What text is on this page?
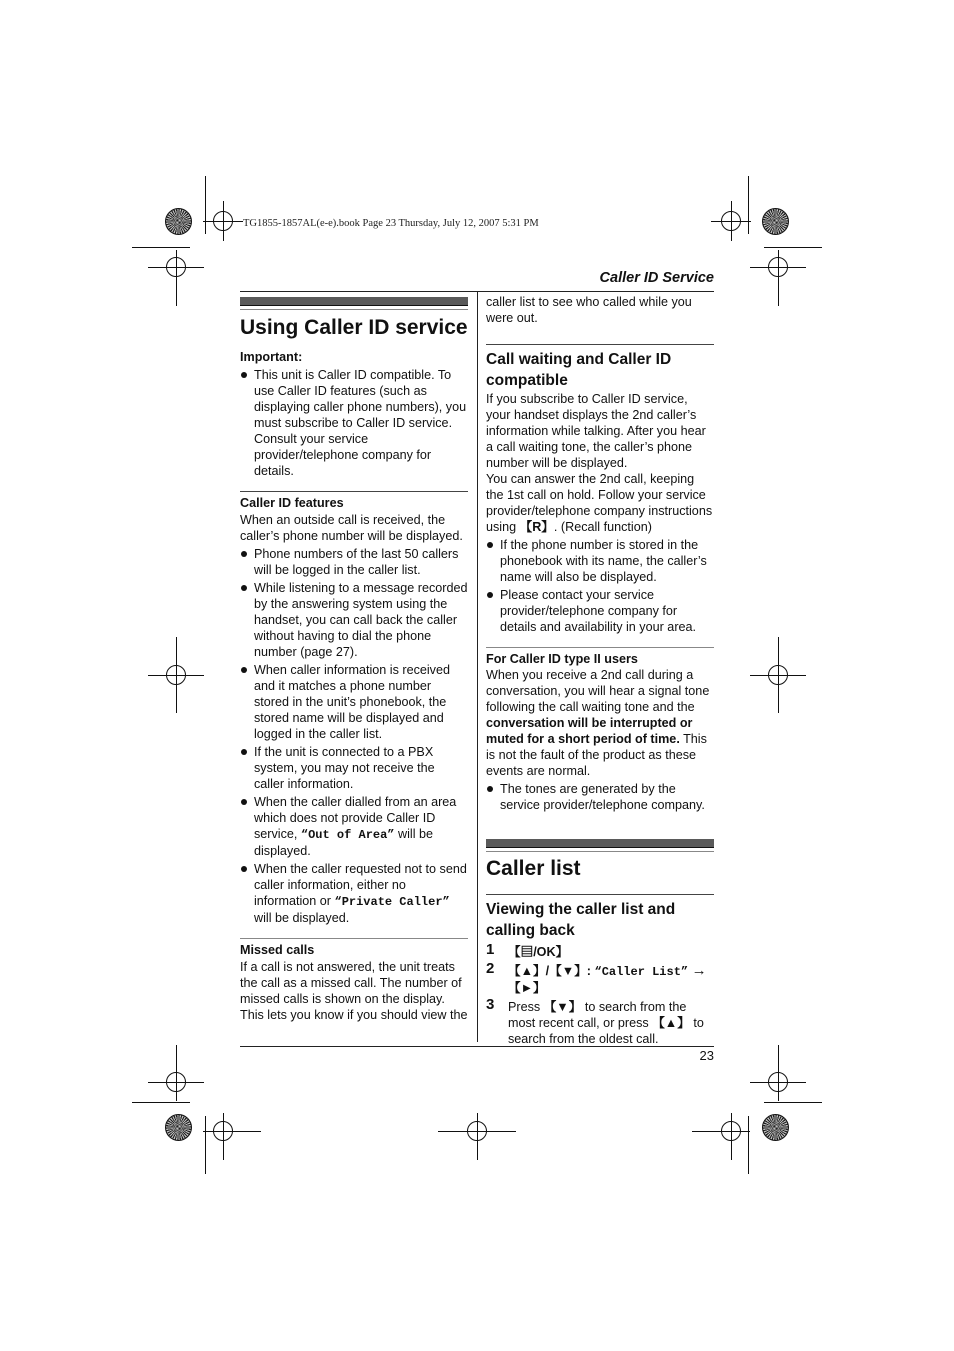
TG1855-1857AL(e-e).book Page 23 Thursday, July 12, 2007 5:31 PM
Caller ID Service

Using Caller ID service

Important:

This unit is Caller ID compatible. To use Caller ID features (such as displaying caller phone numbers), you must subscribe to Caller ID service. Consult your service provider/telephone company for details.

Caller ID features

When an outside call is received, the caller’s phone number will be displayed.

Phone numbers of the last 50 callers will be logged in the caller list.
While listening to a message recorded by the answering system using the handset, you can call back the caller without having to dial the phone number (page 27).
When caller information is received and it matches a phone number stored in the unit’s phonebook, the stored name will be displayed and logged in the caller list.
If the unit is connected to a PBX system, you may not receive the caller information.
When the caller dialled from an area which does not provide Caller ID service, “Out of Area” will be displayed.
When the caller requested not to send caller information, either no information or “Private Caller” will be displayed.

Missed calls

If a call is not answered, the unit treats the call as a missed call. The number of missed calls is shown on the display. This lets you know if you should view the

caller list to see who called while you were out.

Call waiting and Caller ID compatible

If you subscribe to Caller ID service, your handset displays the 2nd caller’s information while talking. After you hear a call waiting tone, the caller’s phone number will be displayed.

You can answer the 2nd call, keeping the 1st call on hold. Follow your service provider/telephone company instructions using 【R】. (Recall function)

If the phone number is stored in the phonebook with its name, the caller’s name will also be displayed.
Please contact your service provider/telephone company for details and availability in your area.

For Caller ID type II users

When you receive a 2nd call during a conversation, you will hear a signal tone following the call waiting tone and the conversation will be interrupted or muted for a short period of time. This is not the fault of the product as these events are normal.

The tones are generated by the service provider/telephone company.

Caller list

Viewing the caller list and calling back

1 【▤/OK】
2 【▲】/【▼】: “Caller List” → 【►】
3 Press 【▼】 to search from the most recent call, or press 【▲】 to search from the oldest call.
23
